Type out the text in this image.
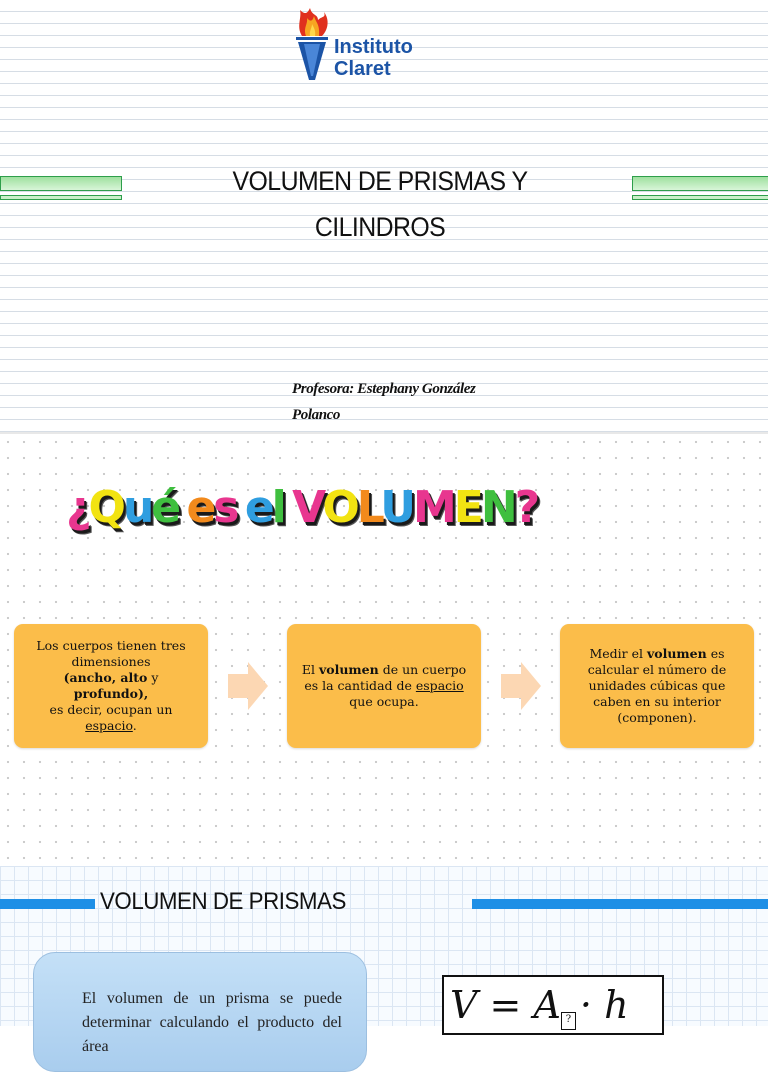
Instituto
Claret
VOLUMEN DE PRISMAS Y
CILINDROS
Profesora: Estephany González
Polanco
¿Qué es el VOLUMEN?
Los cuerpos tienen tres dimensiones
(ancho, alto y
profundo),
es decir, ocupan un
espacio.
El volumen de un cuerpo es la cantidad de espacio que ocupa.
Medir el volumen es calcular el número de unidades cúbicas que caben en su interior (componen).
VOLUMEN DE PRISMAS
El volumen de un prisma se puede determinar calculando el producto del área
V = A ? · h
